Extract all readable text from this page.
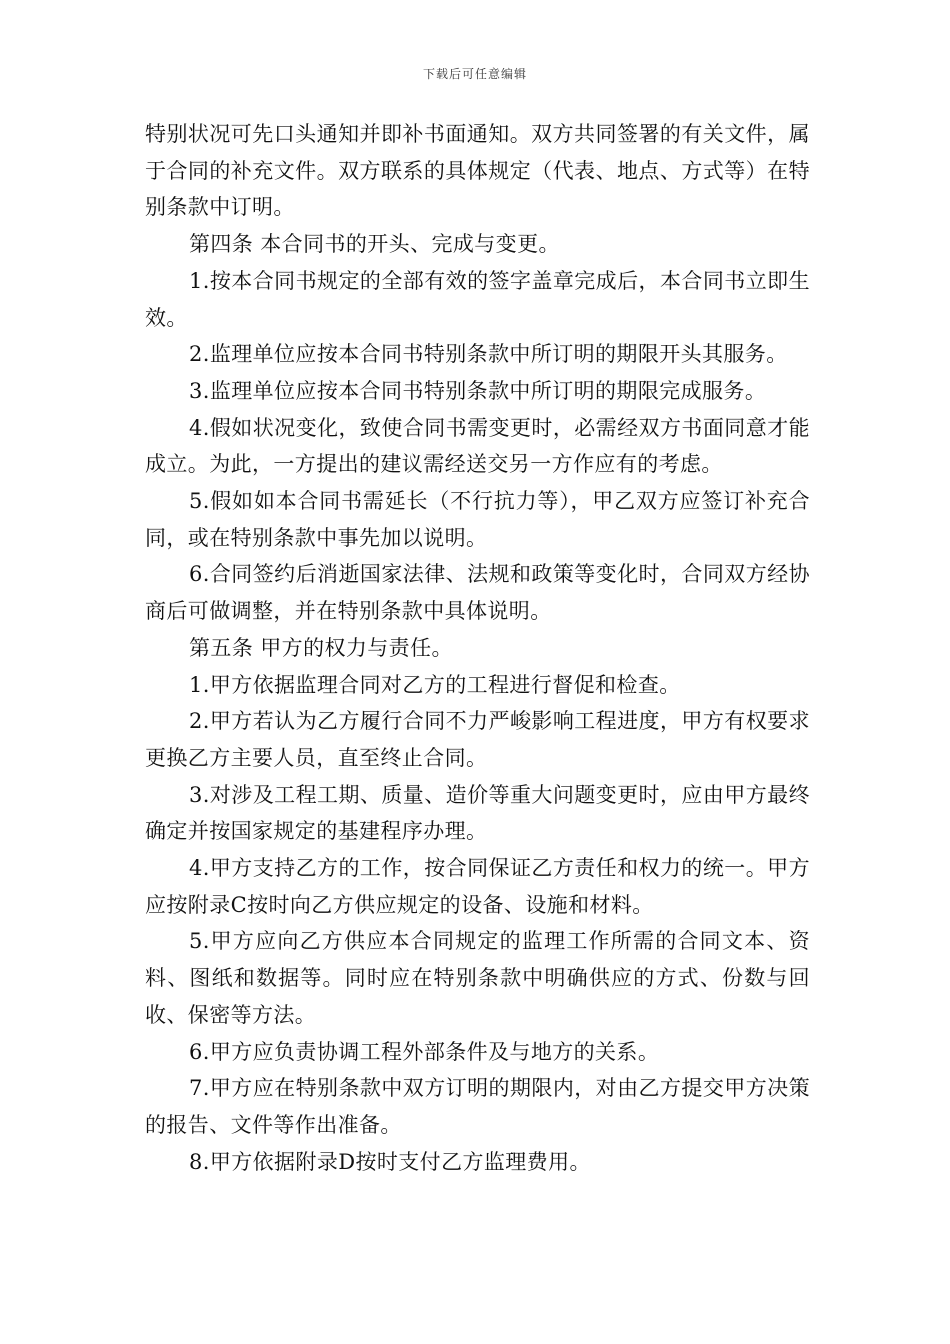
下载后可任意编辑

特别状况可先口头通知并即补书面通知。双方共同签署的有关文件，属于合同的补充文件。双方联系的具体规定（代表、地点、方式等）在特别条款中订明。

第四条 本合同书的开头、完成与变更。

1.按本合同书规定的全部有效的签字盖章完成后，本合同书立即生效。

2.监理单位应按本合同书特别条款中所订明的期限开头其服务。

3.监理单位应按本合同书特别条款中所订明的期限完成服务。

4.假如状况变化，致使合同书需变更时，必需经双方书面同意才能成立。为此，一方提出的建议需经送交另一方作应有的考虑。

5.假如如本合同书需延长（不行抗力等），甲乙双方应签订补充合同，或在特别条款中事先加以说明。

6.合同签约后消逝国家法律、法规和政策等变化时，合同双方经协商后可做调整，并在特别条款中具体说明。

第五条 甲方的权力与责任。

1.甲方依据监理合同对乙方的工程进行督促和检查。

2.甲方若认为乙方履行合同不力严峻影响工程进度，甲方有权要求更换乙方主要人员，直至终止合同。

3.对涉及工程工期、质量、造价等重大问题变更时，应由甲方最终确定并按国家规定的基建程序办理。

4.甲方支持乙方的工作，按合同保证乙方责任和权力的统一。甲方应按附录C按时向乙方供应规定的设备、设施和材料。

5.甲方应向乙方供应本合同规定的监理工作所需的合同文本、资料、图纸和数据等。同时应在特别条款中明确供应的方式、份数与回收、保密等方法。

6.甲方应负责协调工程外部条件及与地方的关系。

7.甲方应在特别条款中双方订明的期限内，对由乙方提交甲方决策的报告、文件等作出准备。

8.甲方依据附录D按时支付乙方监理费用。
